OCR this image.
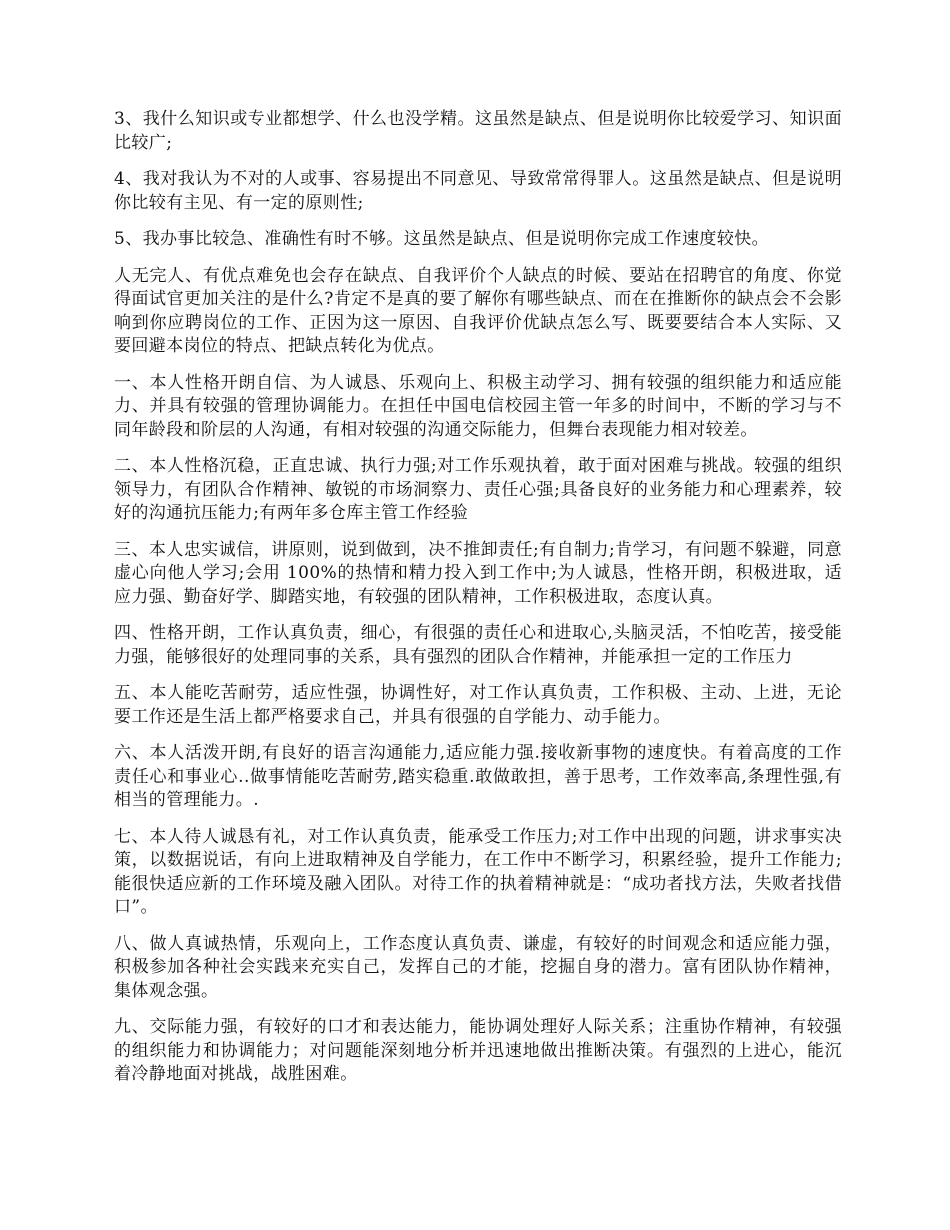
3、我什么知识或专业都想学、什么也没学精。这虽然是缺点、但是说明你比较爱学习、知识面比较广;

4、我对我认为不对的人或事、容易提出不同意见、导致常常得罪人。这虽然是缺点、但是说明你比较有主见、有一定的原则性;

5、我办事比较急、准确性有时不够。这虽然是缺点、但是说明你完成工作速度较快。

人无完人、有优点难免也会存在缺点、自我评价个人缺点的时候、要站在招聘官的角度、你觉得面试官更加关注的是什么?肯定不是真的要了解你有哪些缺点、而在在推断你的缺点会不会影响到你应聘岗位的工作、正因为这一原因、自我评价优缺点怎么写、既要要结合本人实际、又要回避本岗位的特点、把缺点转化为优点。

一、本人性格开朗自信、为人诚恳、乐观向上、积极主动学习、拥有较强的组织能力和适应能力、并具有较强的管理协调能力。在担任中国电信校园主管一年多的时间中，不断的学习与不同年龄段和阶层的人沟通，有相对较强的沟通交际能力，但舞台表现能力相对较差。

二、本人性格沉稳，正直忠诚、执行力强;对工作乐观执着，敢于面对困难与挑战。较强的组织领导力，有团队合作精神、敏锐的市场洞察力、责任心强;具备良好的业务能力和心理素养，较好的沟通抗压能力;有两年多仓库主管工作经验

三、本人忠实诚信，讲原则，说到做到，决不推卸责任;有自制力;肯学习，有问题不躲避，同意虚心向他人学习;会用 100%的热情和精力投入到工作中;为人诚恳，性格开朗，积极进取，适应力强、勤奋好学、脚踏实地，有较强的团队精神，工作积极进取，态度认真。

四、性格开朗，工作认真负责，细心，有很强的责任心和进取心,头脑灵活，不怕吃苦，接受能力强，能够很好的处理同事的关系，具有强烈的团队合作精神，并能承担一定的工作压力

五、本人能吃苦耐劳，适应性强，协调性好，对工作认真负责，工作积极、主动、上进，无论要工作还是生活上都严格要求自己，并具有很强的自学能力、动手能力。

六、本人活泼开朗,有良好的语言沟通能力,适应能力强.接收新事物的速度快。有着高度的工作责任心和事业心..做事情能吃苦耐劳,踏实稳重.敢做敢担，善于思考，工作效率高,条理性强,有相当的管理能力。.

七、本人待人诚恳有礼，对工作认真负责，能承受工作压力;对工作中出现的问题，讲求事实决策，以数据说话，有向上进取精神及自学能力，在工作中不断学习，积累经验，提升工作能力;能很快适应新的工作环境及融入团队。对待工作的执着精神就是：“成功者找方法，失败者找借口”。

八、做人真诚热情，乐观向上，工作态度认真负责、谦虚，有较好的时间观念和适应能力强，积极参加各种社会实践来充实自己，发挥自己的才能，挖掘自身的潜力。富有团队协作精神，集体观念强。

九、交际能力强，有较好的口才和表达能力，能协调处理好人际关系；注重协作精神，有较强的组织能力和协调能力；对问题能深刻地分析并迅速地做出推断决策。有强烈的上进心，能沉着冷静地面对挑战，战胜困难。
